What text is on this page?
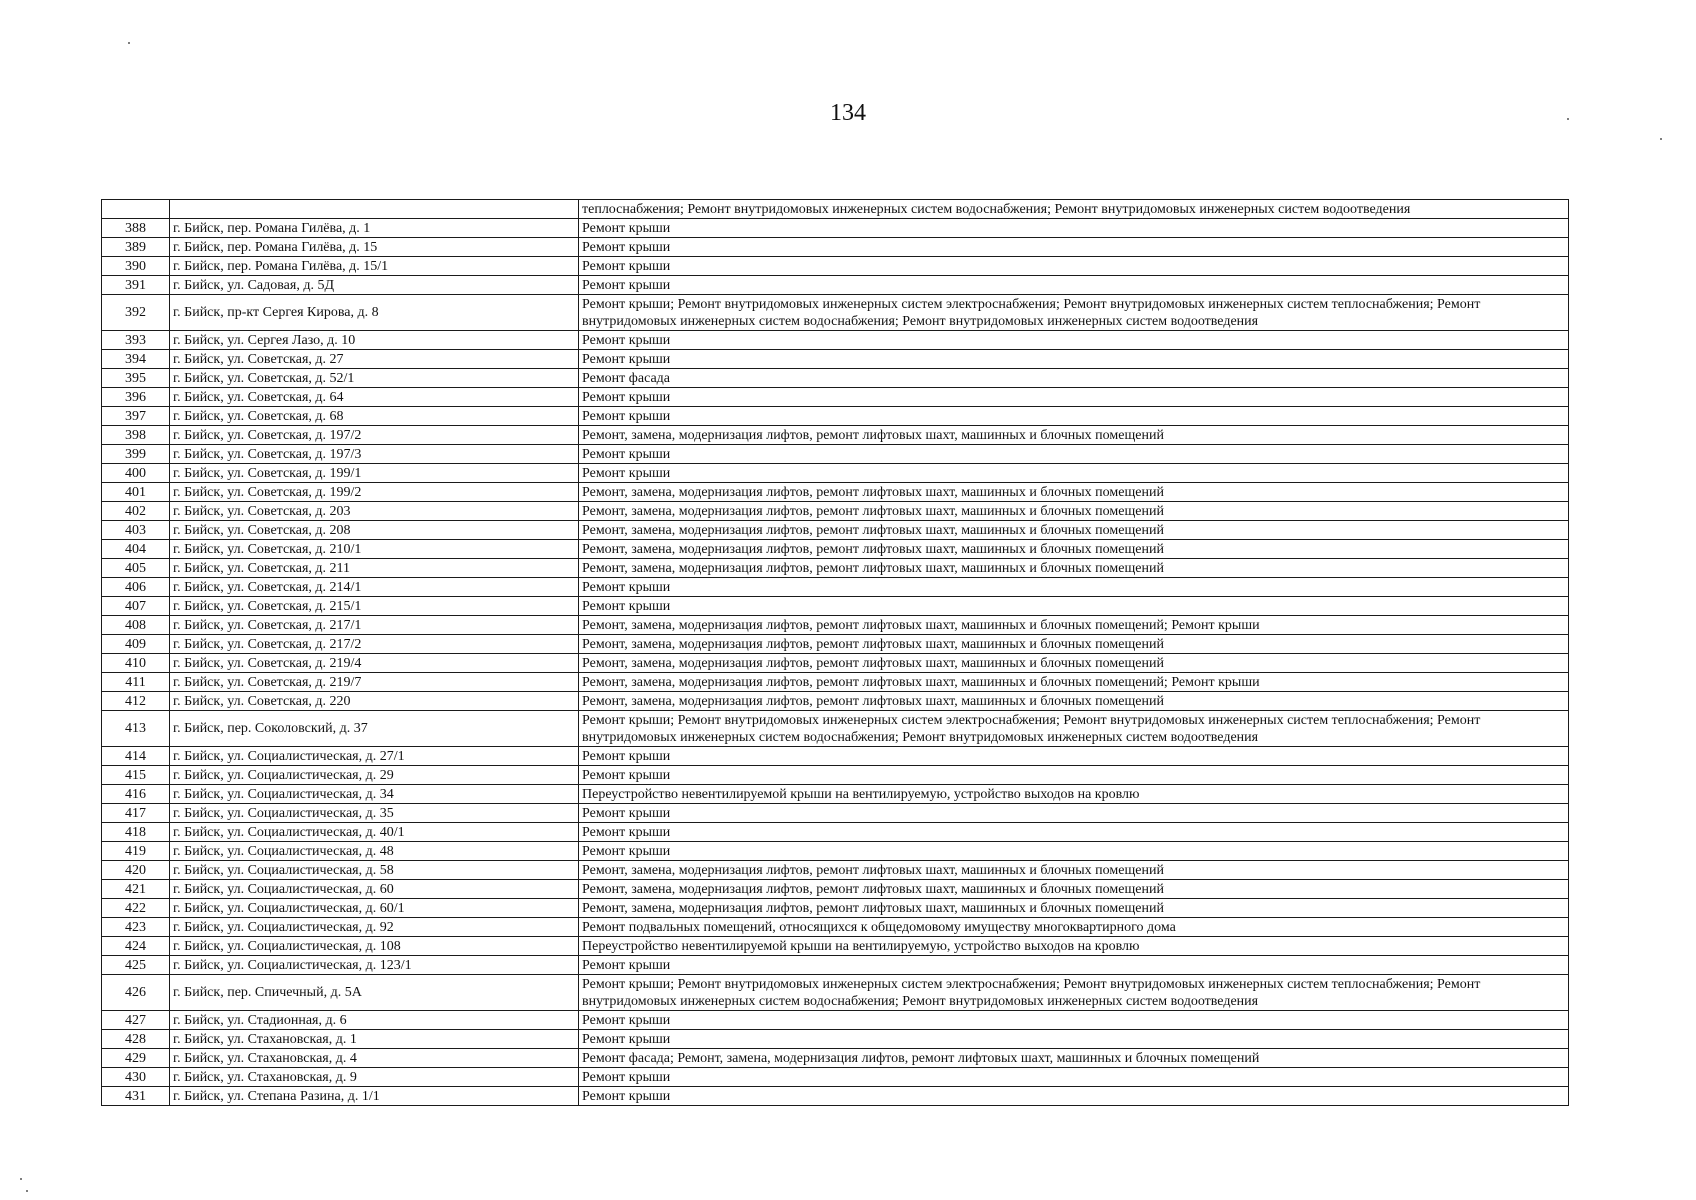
134
		теплоснабжения; Ремонт внутридомовых инженерных систем водоснабжения; Ремонт внутридомовых инженерных систем водоотведения
388	г. Бийск, пер. Романа Гилёва, д. 1	Ремонт крыши
389	г. Бийск, пер. Романа Гилёва, д. 15	Ремонт крыши
390	г. Бийск, пер. Романа Гилёва, д. 15/1	Ремонт крыши
391	г. Бийск, ул. Садовая, д. 5Д	Ремонт крыши
392	г. Бийск, пр-кт Сергея Кирова, д. 8	Ремонт крыши; Ремонт внутридомовых инженерных систем электроснабжения; Ремонт внутридомовых инженерных систем теплоснабжения; Ремонт внутридомовых инженерных систем водоснабжения; Ремонт внутридомовых инженерных систем водоотведения
393	г. Бийск, ул. Сергея Лазо, д. 10	Ремонт крыши
394	г. Бийск, ул. Советская, д. 27	Ремонт крыши
395	г. Бийск, ул. Советская, д. 52/1	Ремонт фасада
396	г. Бийск, ул. Советская, д. 64	Ремонт крыши
397	г. Бийск, ул. Советская, д. 68	Ремонт крыши
398	г. Бийск, ул. Советская, д. 197/2	Ремонт, замена, модернизация лифтов, ремонт лифтовых шахт, машинных и блочных помещений
399	г. Бийск, ул. Советская, д. 197/3	Ремонт крыши
400	г. Бийск, ул. Советская, д. 199/1	Ремонт крыши
401	г. Бийск, ул. Советская, д. 199/2	Ремонт, замена, модернизация лифтов, ремонт лифтовых шахт, машинных и блочных помещений
402	г. Бийск, ул. Советская, д. 203	Ремонт, замена, модернизация лифтов, ремонт лифтовых шахт, машинных и блочных помещений
403	г. Бийск, ул. Советская, д. 208	Ремонт, замена, модернизация лифтов, ремонт лифтовых шахт, машинных и блочных помещений
404	г. Бийск, ул. Советская, д. 210/1	Ремонт, замена, модернизация лифтов, ремонт лифтовых шахт, машинных и блочных помещений
405	г. Бийск, ул. Советская, д. 211	Ремонт, замена, модернизация лифтов, ремонт лифтовых шахт, машинных и блочных помещений
406	г. Бийск, ул. Советская, д. 214/1	Ремонт крыши
407	г. Бийск, ул. Советская, д. 215/1	Ремонт крыши
408	г. Бийск, ул. Советская, д. 217/1	Ремонт, замена, модернизация лифтов, ремонт лифтовых шахт, машинных и блочных помещений; Ремонт крыши
409	г. Бийск, ул. Советская, д. 217/2	Ремонт, замена, модернизация лифтов, ремонт лифтовых шахт, машинных и блочных помещений
410	г. Бийск, ул. Советская, д. 219/4	Ремонт, замена, модернизация лифтов, ремонт лифтовых шахт, машинных и блочных помещений
411	г. Бийск, ул. Советская, д. 219/7	Ремонт, замена, модернизация лифтов, ремонт лифтовых шахт, машинных и блочных помещений; Ремонт крыши
412	г. Бийск, ул. Советская, д. 220	Ремонт, замена, модернизация лифтов, ремонт лифтовых шахт, машинных и блочных помещений
413	г. Бийск, пер. Соколовский, д. 37	Ремонт крыши; Ремонт внутридомовых инженерных систем электроснабжения; Ремонт внутридомовых инженерных систем теплоснабжения; Ремонт внутридомовых инженерных систем водоснабжения; Ремонт внутридомовых инженерных систем водоотведения
414	г. Бийск, ул. Социалистическая, д. 27/1	Ремонт крыши
415	г. Бийск, ул. Социалистическая, д. 29	Ремонт крыши
416	г. Бийск, ул. Социалистическая, д. 34	Переустройство невентилируемой крыши на вентилируемую, устройство выходов на кровлю
417	г. Бийск, ул. Социалистическая, д. 35	Ремонт крыши
418	г. Бийск, ул. Социалистическая, д. 40/1	Ремонт крыши
419	г. Бийск, ул. Социалистическая, д. 48	Ремонт крыши
420	г. Бийск, ул. Социалистическая, д. 58	Ремонт, замена, модернизация лифтов, ремонт лифтовых шахт, машинных и блочных помещений
421	г. Бийск, ул. Социалистическая, д. 60	Ремонт, замена, модернизация лифтов, ремонт лифтовых шахт, машинных и блочных помещений
422	г. Бийск, ул. Социалистическая, д. 60/1	Ремонт, замена, модернизация лифтов, ремонт лифтовых шахт, машинных и блочных помещений
423	г. Бийск, ул. Социалистическая, д. 92	Ремонт подвальных помещений, относящихся к общедомовому имуществу многоквартирного дома
424	г. Бийск, ул. Социалистическая, д. 108	Переустройство невентилируемой крыши на вентилируемую, устройство выходов на кровлю
425	г. Бийск, ул. Социалистическая, д. 123/1	Ремонт крыши
426	г. Бийск, пер. Спичечный, д. 5А	Ремонт крыши; Ремонт внутридомовых инженерных систем электроснабжения; Ремонт внутридомовых инженерных систем теплоснабжения; Ремонт внутридомовых инженерных систем водоснабжения; Ремонт внутридомовых инженерных систем водоотведения
427	г. Бийск, ул. Стадионная, д. 6	Ремонт крыши
428	г. Бийск, ул. Стахановская, д. 1	Ремонт крыши
429	г. Бийск, ул. Стахановская, д. 4	Ремонт фасада; Ремонт, замена, модернизация лифтов, ремонт лифтовых шахт, машинных и блочных помещений
430	г. Бийск, ул. Стахановская, д. 9	Ремонт крыши
431	г. Бийск, ул. Степана Разина, д. 1/1	Ремонт крыши
